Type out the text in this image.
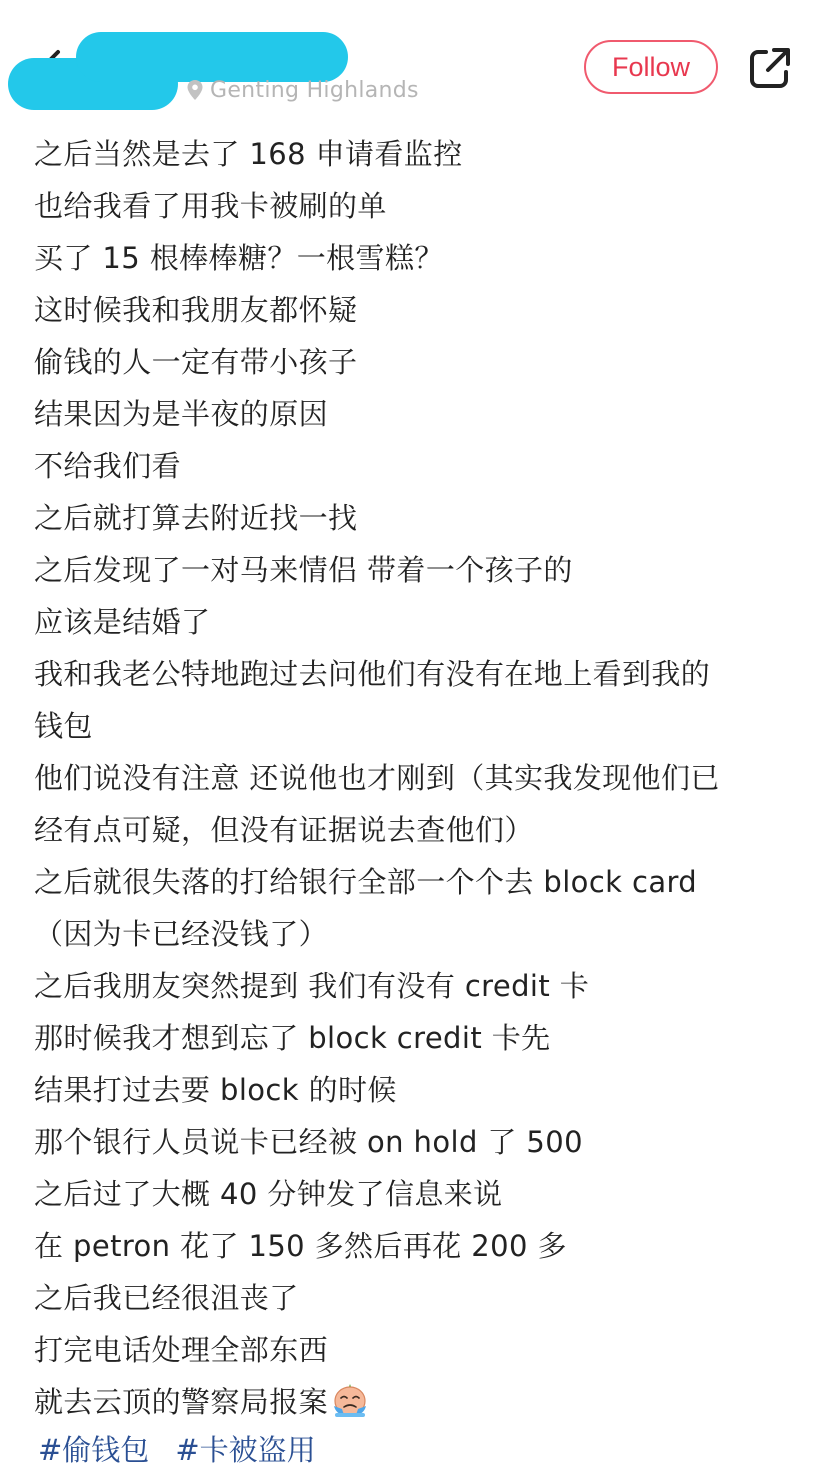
Genting Highlands
Follow
之后当然是去了 168 申请看监控
也给我看了用我卡被刷的单
买了 15 根棒棒糖？一根雪糕？
这时候我和我朋友都怀疑
偷钱的人一定有带小孩子
结果因为是半夜的原因
不给我们看
之后就打算去附近找一找
之后发现了一对马来情侣 带着一个孩子的
应该是结婚了
我和我老公特地跑过去问他们有没有在地上看到我的
钱包
他们说没有注意 还说他也才刚到（其实我发现他们已
经有点可疑，但没有证据说去查他们）
之后就很失落的打给银行全部一个个去 block card
（因为卡已经没钱了）
之后我朋友突然提到 我们有没有 credit 卡
那时候我才想到忘了 block credit 卡先
结果打过去要 block 的时候
那个银行人员说卡已经被 on hold 了 500
之后过了大概 40 分钟发了信息来说
在 petron 花了 150 多然后再花 200 多
之后我已经很沮丧了
打完电话处理全部东西
就去云顶的警察局报案
#偷钱包 #卡被盗用
